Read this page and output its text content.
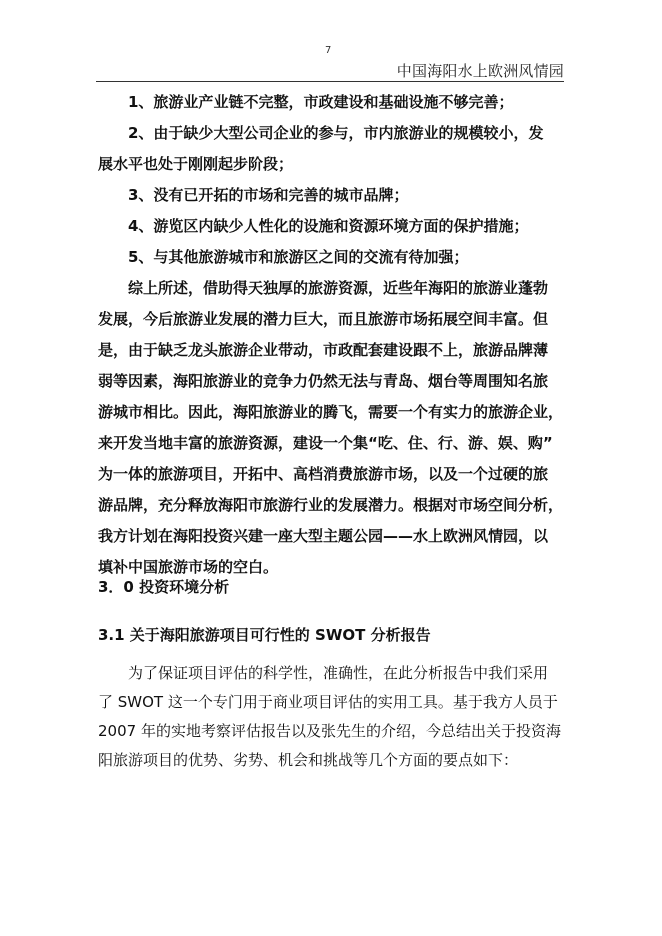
7
中国海阳水上欧洲风情园
1、旅游业产业链不完整，市政建设和基础设施不够完善；
2、由于缺少大型公司企业的参与，市内旅游业的规模较小，发
展水平也处于刚刚起步阶段；
3、没有已开拓的市场和完善的城市品牌；
4、游览区内缺少人性化的设施和资源环境方面的保护措施；
5、与其他旅游城市和旅游区之间的交流有待加强；
综上所述，借助得天独厚的旅游资源，近些年海阳的旅游业蓬勃
发展，今后旅游业发展的潜力巨大，而且旅游市场拓展空间丰富。但
是，由于缺乏龙头旅游企业带动，市政配套建设跟不上，旅游品牌薄
弱等因素，海阳旅游业的竞争力仍然无法与青岛、烟台等周围知名旅
游城市相比。因此，海阳旅游业的腾飞，需要一个有实力的旅游企业，
来开发当地丰富的旅游资源，建设一个集“吃、住、行、游、娱、购”
为一体的旅游项目，开拓中、高档消费旅游市场，以及一个过硬的旅
游品牌，充分释放海阳市旅游行业的发展潜力。根据对市场空间分析，
我方计划在海阳投资兴建一座大型主题公园——水上欧洲风情园，以
填补中国旅游市场的空白。
3．0 投资环境分析
3.1 关于海阳旅游项目可行性的 SWOT 分析报告
为了保证项目评估的科学性，准确性，在此分析报告中我们采用
了 SWOT 这一个专门用于商业项目评估的实用工具。基于我方人员于
2007 年的实地考察评估报告以及张先生的介绍，今总结出关于投资海
阳旅游项目的优势、劣势、机会和挑战等几个方面的要点如下：
